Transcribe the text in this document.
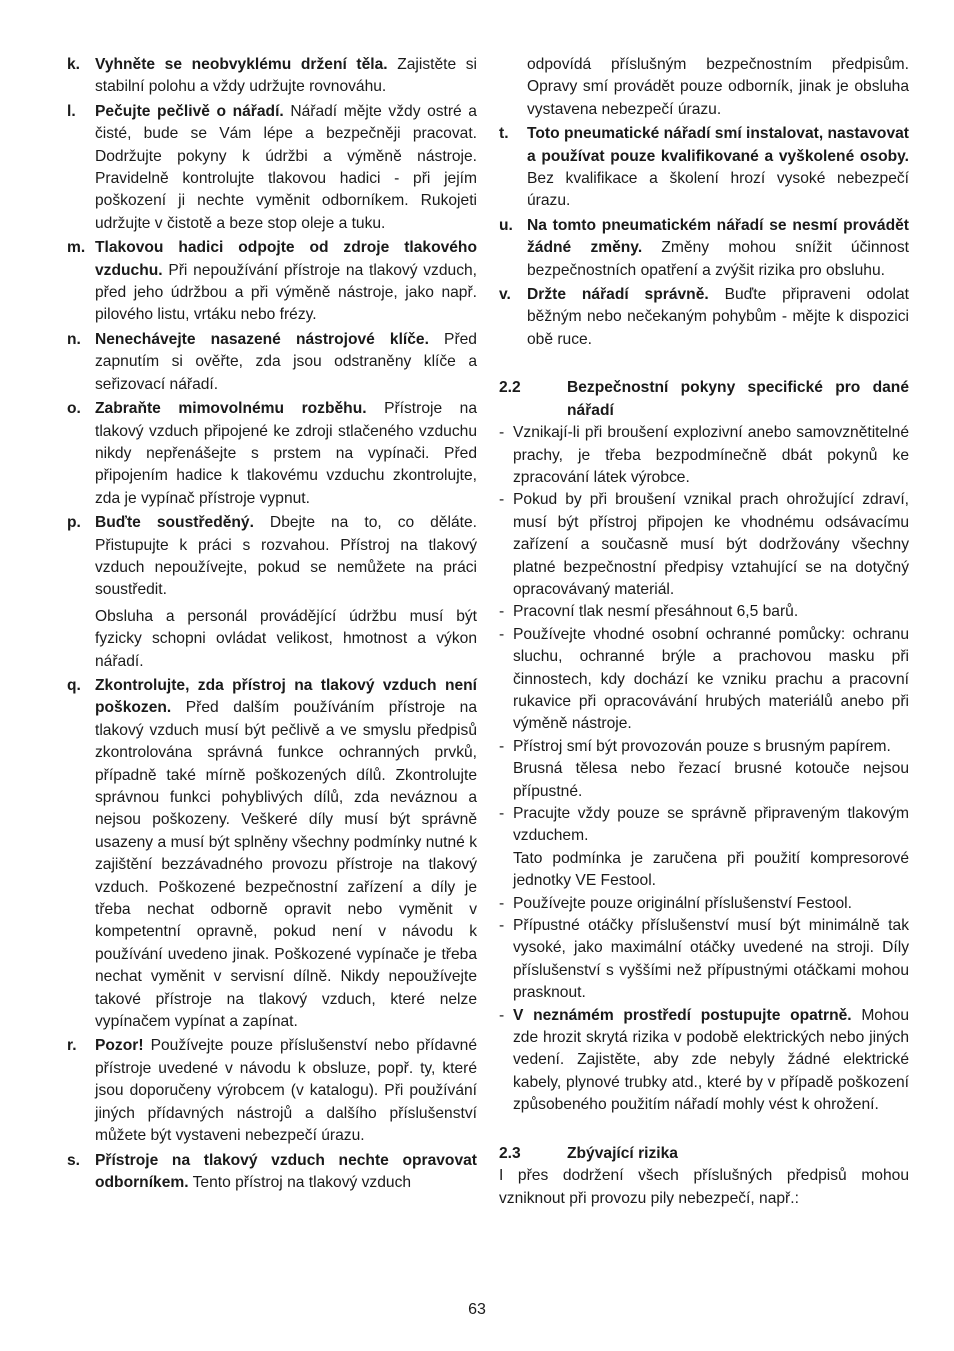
k. Vyhněte se neobvyklému držení těla. Zajistěte si stabilní polohu a vždy udržujte rovnováhu.

l. Pečujte pečlivě o nářadí. Nářadí mějte vždy ostré a čisté, bude se Vám lépe a bezpečněji pracovat. Dodržujte pokyny k údržbi a výměně nástroje. Pravidelně kontrolujte tlakovou hadici - při jejím poškození ji nechte vyměnit odborníkem. Rukojeti udržujte v čistotě a beze stop oleje a tuku.

m. Tlakovou hadici odpojte od zdroje tlakového vzduchu. Při nepoužívání přístroje na tlakový vzduch, před jeho údržbou a při výměně nástroje, jako např. pilového listu, vrtáku nebo frézy.

n. Nenechávejte nasazené nástrojové klíče. Před zapnutím si ověřte, zda jsou odstraněny klíče a seřizovací nářadí.

o. Zabraňte mimovolnému rozběhu. Přístroje na tlakový vzduch připojené ke zdroji stlačeného vzduchu nikdy nepřenášejte s prstem na vypínači. Před připojením hadice k tlakovému vzduchu zkontrolujte, zda je vypínač přístroje vypnut.

p. Buďte soustředěný. Dbejte na to, co děláte. Přistupujte k práci s rozvahou. Přístroj na tlakový vzduch nepoužívejte, pokud se nemůžete na práci soustředit.

Obsluha a personál provádějící údržbu musí být fyzicky schopni ovládat velikost, hmotnost a výkon nářadí.

q. Zkontrolujte, zda přístroj na tlakový vzduch není poškozen. Před dalším používáním přístroje na tlakový vzduch musí být pečlivě a ve smyslu předpisů zkontrolována správná funkce ochranných prvků, případně také mírně poškozených dílů. Zkontrolujte správnou funkci pohyblivých dílů, zda neváznou a nejsou poškozeny. Veškeré díly musí být správně usazeny a musí být splněny všechny podmínky nutné k zajištění bezzávadného provozu přístroje na tlakový vzduch. Poškozené bezpečnostní zařízení a díly je třeba nechat odborně opravit nebo vyměnit v kompetentní opravně, pokud není v návodu k používání uvedeno jinak. Poškozené vypínače je třeba nechat vyměnit v servisní dílně. Nikdy nepoužívejte takové přístroje na tlakový vzduch, které nelze vypínačem vypínat a zapínat.

r. Pozor! Používejte pouze příslušenství nebo přídavné přístroje uvedené v návodu k obsluze, popř. ty, které jsou doporučeny výrobcem (v katalogu). Při používání jiných přídavných nástrojů a dalšího příslušenství můžete být vystaveni nebezpečí úrazu.

s. Přístroje na tlakový vzduch nechte opravovat odborníkem. Tento přístroj na tlakový vzduch

odpovídá příslušným bezpečnostním předpisům. Opravy smí provádět pouze odborník, jinak je obsluha vystavena nebezpečí úrazu.

t. Toto pneumatické nářadí smí instalovat, nastavovat a používat pouze kvalifikované a vyškolené osoby. Bez kvalifikace a školení hrozí vysoké nebezpečí úrazu.

u. Na tomto pneumatickém nářadí se nesmí provádět žádné změny. Změny mohou snížit účinnost bezpečnostních opatření a zvýšit rizika pro obsluhu.

v. Držte nářadí správně. Buďte připraveni odolat běžným nebo nečekaným pohybům - mějte k dispozici obě ruce.

2.2	Bezpečnostní pokyny specifické pro dané nářadí
- Vznikají-li při broušení explozivní anebo samovznětitelné prachy, je třeba bezpodmínečně dbát pokynů ke zpracování látek výrobce.

- Pokud by při broušení vznikal prach ohrožující zdraví, musí být přístroj připojen ke vhodnému odsávacímu zařízení a současně musí být dodržovány všechny platné bezpečnostní předpisy vztahující se na dotyčný opracovávaný materiál.

- Pracovní tlak nesmí přesáhnout 6,5 barů.

- Používejte vhodné osobní ochranné pomůcky: ochranu sluchu, ochranné brýle a prachovou masku při činnostech, kdy dochází ke vzniku prachu a pracovní rukavice při opracovávání hrubých materiálů anebo při výměně nástroje.

- Přístroj smí být provozován pouze s brusným papírem.

Brusná tělesa nebo řezací brusné kotouče nejsou přípustné.

- Pracujte vždy pouze se správně připraveným tlakovým vzduchem.

Tato podmínka je zaručena při použití kompresorové jednotky VE Festool.

- Používejte pouze originální příslušenství Festool.

- Přípustné otáčky příslušenství musí být minimálně tak vysoké, jako maximální otáčky uvedené na stroji. Díly příslušenství s vyššími než přípustnými otáčkami mohou prasknout.

- V neznámém prostředí postupujte opatrně. Mohou zde hrozit skrytá rizika v podobě elektrických nebo jiných vedení. Zajistěte, aby zde nebyly žádné elektrické kabely, plynové trubky atd., které by v případě poškození způsobeného použitím nářadí mohly vést k ohrožení.

2.3	Zbývající rizika

I přes dodržení všech příslušných předpisů mohou vzniknout při provozu pily nebezpečí, např.:

63
